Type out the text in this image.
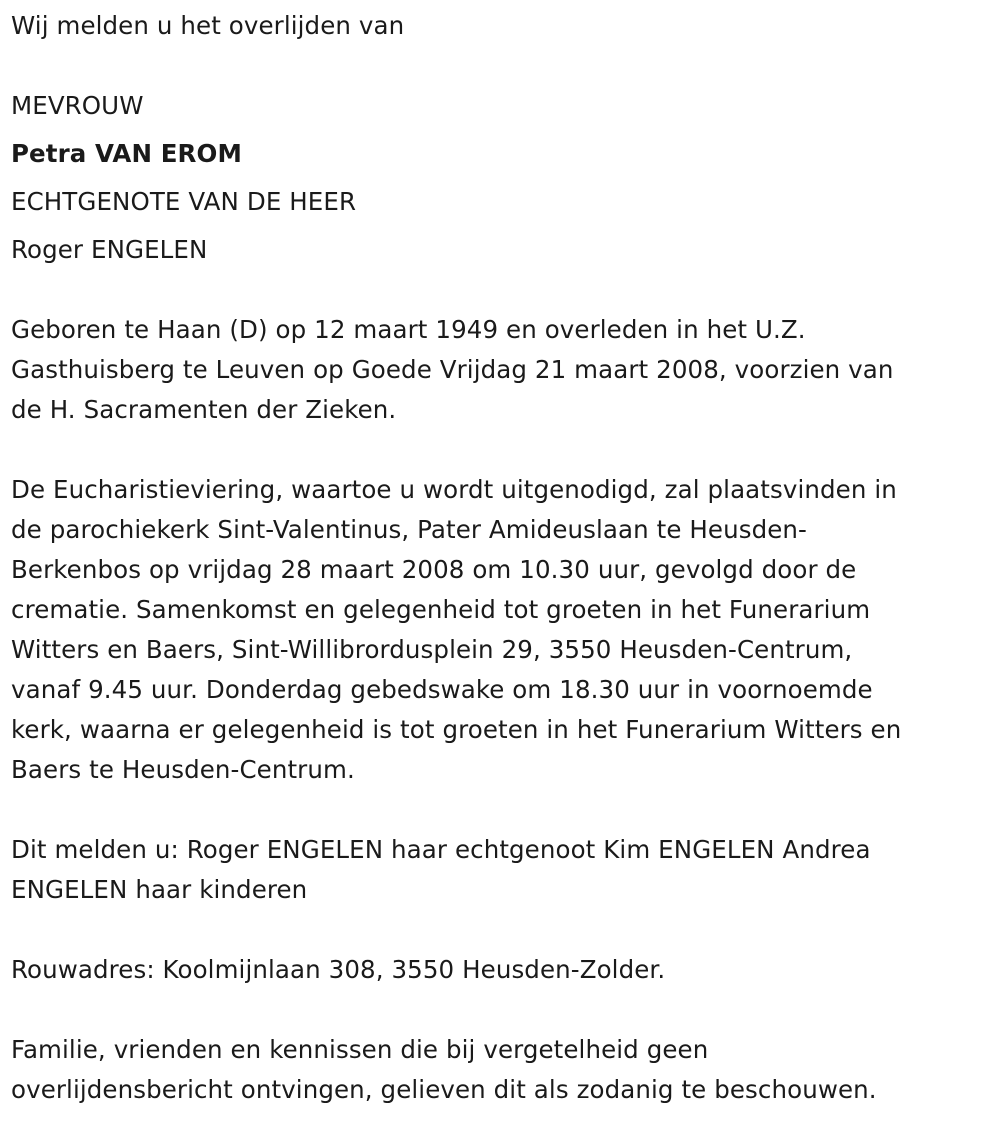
Wij melden u het overlijden van
MEVROUW
Petra VAN EROM
ECHTGENOTE VAN DE HEER
Roger ENGELEN
Geboren te Haan (D) op 12 maart 1949 en overleden in het U.Z.
Gasthuisberg te Leuven op Goede Vrijdag 21 maart 2008, voorzien van
de H. Sacramenten der Zieken.
De Eucharistieviering, waartoe u wordt uitgenodigd, zal plaatsvinden in
de parochiekerk Sint-Valentinus, Pater Amideuslaan te Heusden-
Berkenbos op vrijdag 28 maart 2008 om 10.30 uur, gevolgd door de
crematie. Samenkomst en gelegenheid tot groeten in het Funerarium
Witters en Baers, Sint-Willibrordusplein 29, 3550 Heusden-Centrum,
vanaf 9.45 uur. Donderdag gebedswake om 18.30 uur in voornoemde
kerk, waarna er gelegenheid is tot groeten in het Funerarium Witters en
Baers te Heusden-Centrum.
Dit melden u: Roger ENGELEN haar echtgenoot Kim ENGELEN Andrea
ENGELEN haar kinderen
Rouwadres: Koolmijnlaan 308, 3550 Heusden-Zolder.
Familie, vrienden en kennissen die bij vergetelheid geen
overlijdensbericht ontvingen, gelieven dit als zodanig te beschouwen.
